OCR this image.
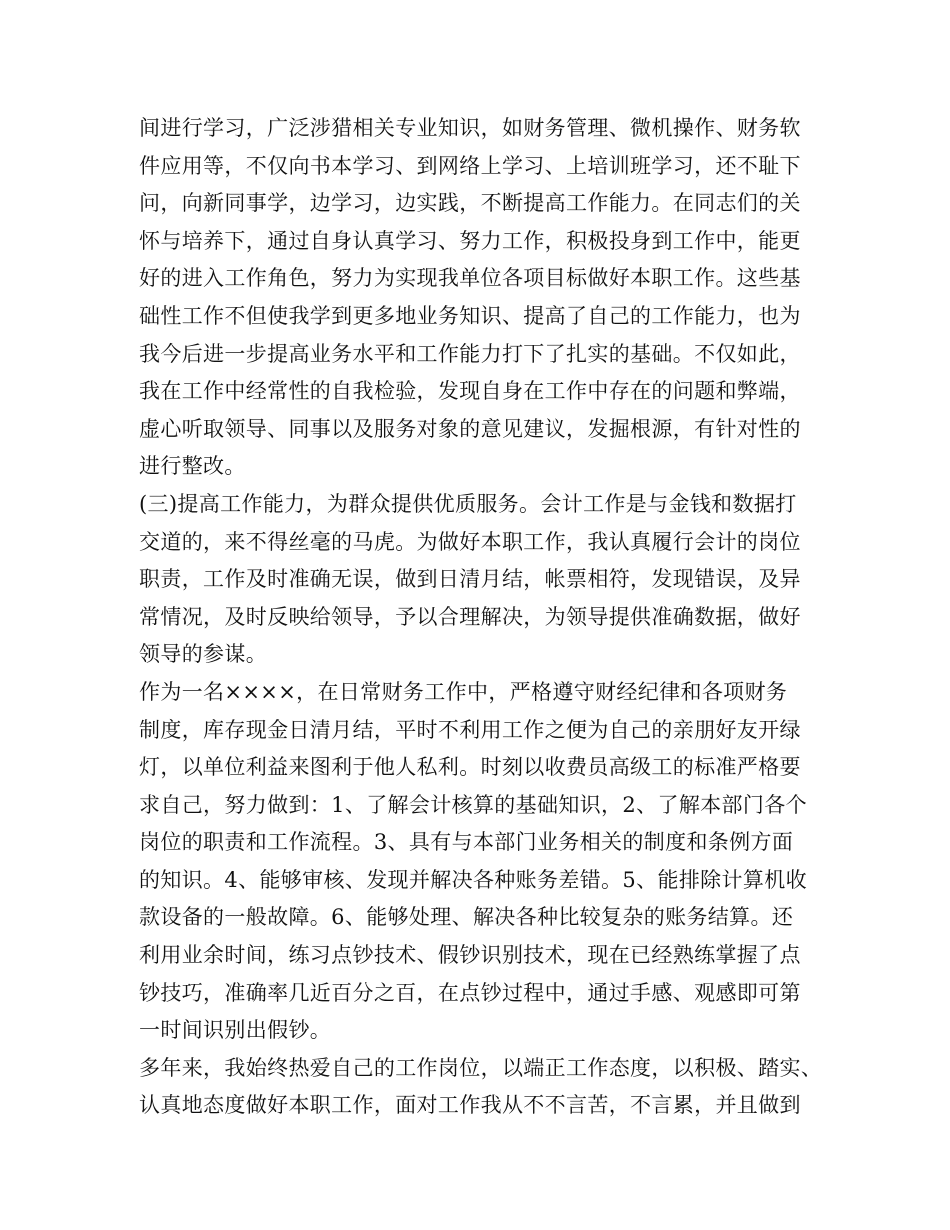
间进行学习，广泛涉猎相关专业知识，如财务管理、微机操作、财务软
件应用等，不仅向书本学习、到网络上学习、上培训班学习，还不耻下
问，向新同事学，边学习，边实践，不断提高工作能力。在同志们的关
怀与培养下，通过自身认真学习、努力工作，积极投身到工作中，能更
好的进入工作角色，努力为实现我单位各项目标做好本职工作。这些基
础性工作不但使我学到更多地业务知识、提高了自己的工作能力，也为
我今后进一步提高业务水平和工作能力打下了扎实的基础。不仅如此，
我在工作中经常性的自我检验，发现自身在工作中存在的问题和弊端，
虚心听取领导、同事以及服务对象的意见建议，发掘根源，有针对性的
进行整改。
(三)提高工作能力，为群众提供优质服务。会计工作是与金钱和数据打
交道的，来不得丝毫的马虎。为做好本职工作，我认真履行会计的岗位
职责，工作及时准确无误，做到日清月结，帐票相符，发现错误，及异
常情况，及时反映给领导，予以合理解决，为领导提供准确数据，做好
领导的参谋。
作为一名××××，在日常财务工作中，严格遵守财经纪律和各项财务
制度，库存现金日清月结，平时不利用工作之便为自己的亲朋好友开绿
灯，以单位利益来图利于他人私利。时刻以收费员高级工的标准严格要
求自己，努力做到：1、了解会计核算的基础知识，2、了解本部门各个
岗位的职责和工作流程。3、具有与本部门业务相关的制度和条例方面
的知识。4、能够审核、发现并解决各种账务差错。5、能排除计算机收
款设备的一般故障。6、能够处理、解决各种比较复杂的账务结算。还
利用业余时间，练习点钞技术、假钞识别技术，现在已经熟练掌握了点
钞技巧，准确率几近百分之百，在点钞过程中，通过手感、观感即可第
一时间识别出假钞。
多年来，我始终热爱自己的工作岗位，以端正工作态度，以积极、踏实、
认真地态度做好本职工作，面对工作我从不不言苦，不言累，并且做到
